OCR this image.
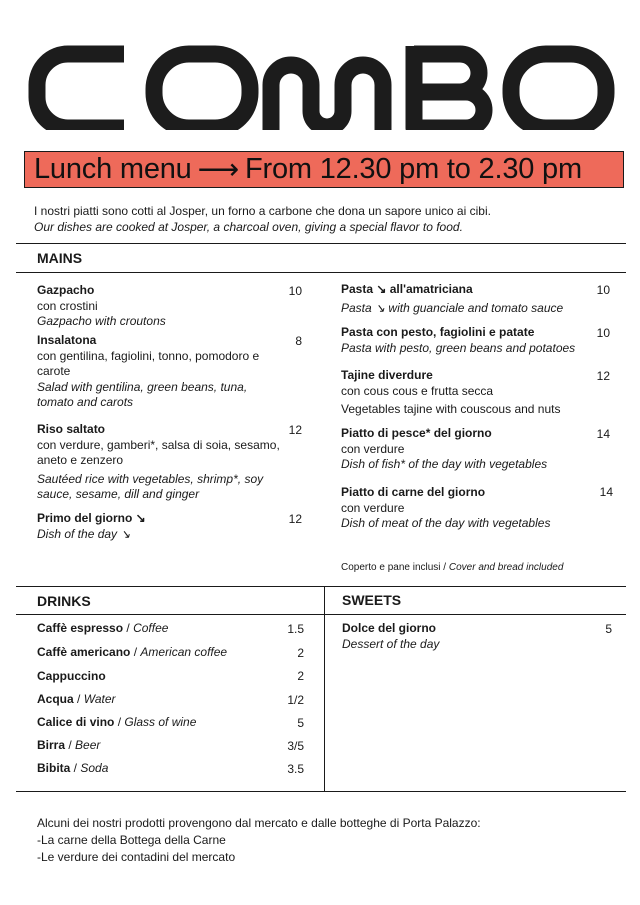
Lunch menu ⟶ From 12.30 pm to 2.30 pm
I nostri piatti sono cotti al Josper, un forno a carbone che dona un sapore unico ai cibi.
Our dishes are cooked at Josper, a charcoal oven, giving a special flavor to food.
MAINS
Gazpacho
con crostini
Gazpacho with croutons
10
Insalatona
con gentilina, fagiolini, tonno, pomodoro e carote
Salad with gentilina, green beans, tuna, tomato and carots
8
Riso saltato
con verdure, gamberi*, salsa di soia, sesamo, aneto e zenzero
Sautéed rice with vegetables, shrimp*, soy sauce, sesame, dill and ginger
12
Primo del giorno ↘
Dish of the day ↘
12
Pasta ↘ all'amatriciana
Pasta ↘ with guanciale and tomato sauce
10
Pasta con pesto, fagiolini e patate
Pasta with pesto, green beans and potatoes
10
Tajine diverdure
con cous cous e frutta secca
Vegetables tajine with couscous and nuts
12
Piatto di pesce* del giorno
con verdure
Dish of fish* of the day with vegetables
14
Piatto di carne del giorno
con verdure
Dish of meat of the day with vegetables
14
Coperto e pane inclusi / Cover and bread included
DRINKS	SWEETS
Caffè espresso / Coffee	1.5
Caffè americano / American coffee	2
Cappuccino	2
Acqua / Water	1/2
Calice di vino / Glass of wine	5
Birra / Beer	3/5
Bibita / Soda	3.5
Dolce del giorno
Dessert of the day
5
Alcuni dei nostri prodotti provengono dal mercato e dalle botteghe di Porta Palazzo:
-La carne della Bottega della Carne
-Le verdure dei contadini del mercato
